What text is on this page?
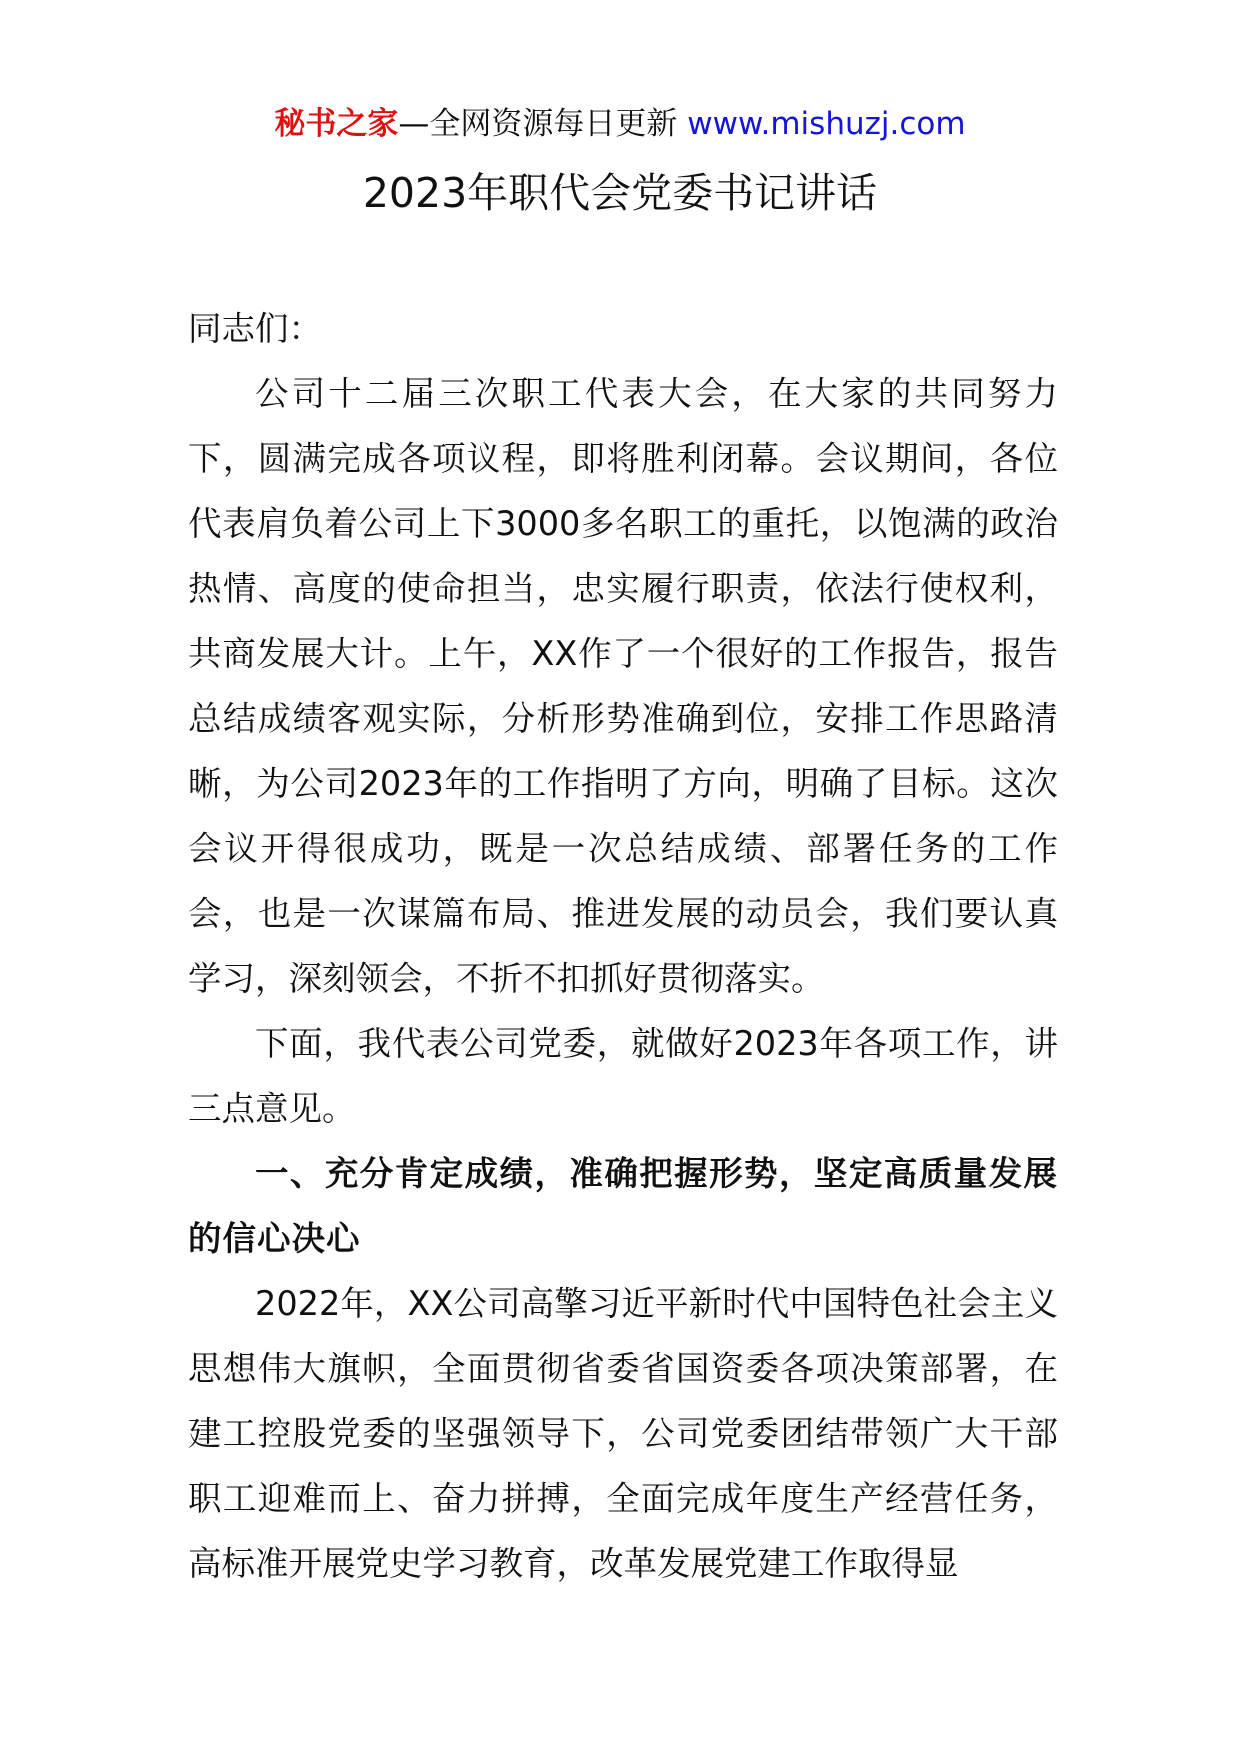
秘书之家—全网资源每日更新 www.mishuzj.com
2023年职代会党委书记讲话

同志们：

公司十二届三次职工代表大会，在大家的共同努力下，圆满完成各项议程，即将胜利闭幕。会议期间，各位代表肩负着公司上下3000多名职工的重托，以饱满的政治热情、高度的使命担当，忠实履行职责，依法行使权利，共商发展大计。上午，XX作了一个很好的工作报告，报告总结成绩客观实际，分析形势准确到位，安排工作思路清晰，为公司2023年的工作指明了方向，明确了目标。这次会议开得很成功，既是一次总结成绩、部署任务的工作会，也是一次谋篇布局、推进发展的动员会，我们要认真学习，深刻领会，不折不扣抓好贯彻落实。

下面，我代表公司党委，就做好2023年各项工作，讲三点意见。

一、充分肯定成绩，准确把握形势，坚定高质量发展的信心决心

2022年，XX公司高擎习近平新时代中国特色社会主义思想伟大旗帜，全面贯彻省委省国资委各项决策部署，在建工控股党委的坚强领导下，公司党委团结带领广大干部职工迎难而上、奋力拼搏，全面完成年度生产经营任务，高标准开展党史学习教育，改革发展党建工作取得显
